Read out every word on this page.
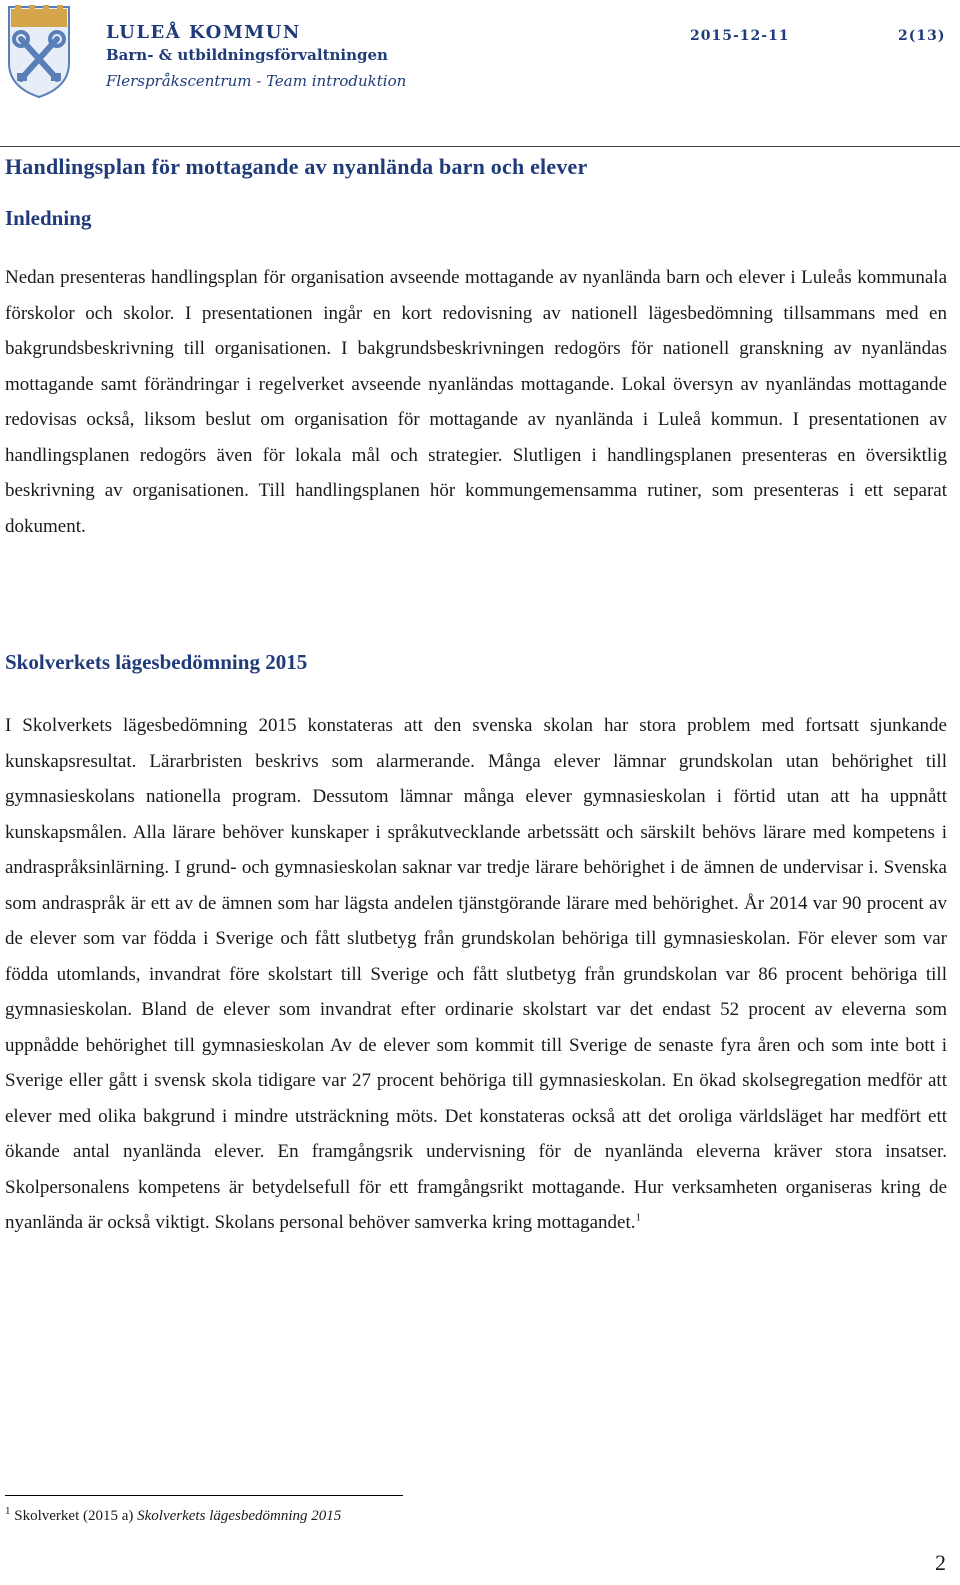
LULEÅ KOMMUN
Barn- & utbildningsförvaltningen
Flerspråkscentrum - Team introduktion
2015-12-11	2(13)
Handlingsplan för mottagande av nyanlända barn och elever
Inledning

Nedan presenteras handlingsplan för organisation avseende mottagande av nyanlända barn och elever i Luleås kommunala förskolor och skolor. I presentationen ingår en kort redovisning av nationell lägesbedömning tillsammans med en bakgrundsbeskrivning till organisationen. I bakgrundsbeskrivningen redogörs för nationell granskning av nyanländas mottagande samt förändringar i regelverket avseende nyanländas mottagande. Lokal översyn av nyanländas mottagande redovisas också, liksom beslut om organisation för mottagande av nyanlända i Luleå kommun. I presentationen av handlingsplanen redogörs även för lokala mål och strategier. Slutligen i handlingsplanen presenteras en översiktlig beskrivning av organisationen. Till handlingsplanen hör kommungemensamma rutiner, som presenteras i ett separat dokument.

Skolverkets lägesbedömning 2015

I Skolverkets lägesbedömning 2015 konstateras att den svenska skolan har stora problem med fortsatt sjunkande kunskapsresultat. Lärarbristen beskrivs som alarmerande. Många elever lämnar grundskolan utan behörighet till gymnasieskolans nationella program. Dessutom lämnar många elever gymnasieskolan i förtid utan att ha uppnått kunskapsmålen. Alla lärare behöver kunskaper i språkutvecklande arbetssätt och särskilt behövs lärare med kompetens i andraspråksinlärning. I grund- och gymnasieskolan saknar var tredje lärare behörighet i de ämnen de undervisar i. Svenska som andraspråk är ett av de ämnen som har lägsta andelen tjänstgörande lärare med behörighet. År 2014 var 90 procent av de elever som var födda i Sverige och fått slutbetyg från grundskolan behöriga till gymnasieskolan. För elever som var födda utomlands, invandrat före skolstart till Sverige och fått slutbetyg från grundskolan var 86 procent behöriga till gymnasieskolan. Bland de elever som invandrat efter ordinarie skolstart var det endast 52 procent av eleverna som uppnådde behörighet till gymnasieskolan Av de elever som kommit till Sverige de senaste fyra åren och som inte bott i Sverige eller gått i svensk skola tidigare var 27 procent behöriga till gymnasieskolan. En ökad skolsegregation medför att elever med olika bakgrund i mindre utsträckning möts. Det konstateras också att det oroliga världsläget har medfört ett ökande antal nyanlända elever. En framgångsrik undervisning för de nyanlända eleverna kräver stora insatser. Skolpersonalens kompetens är betydelsefull för ett framgångsrikt mottagande. Hur verksamheten organiseras kring de nyanlända är också viktigt. Skolans personal behöver samverka kring mottagandet.$^1$

$^1$ Skolverket (2015 a) Skolverkets lägesbedömning 2015
2
